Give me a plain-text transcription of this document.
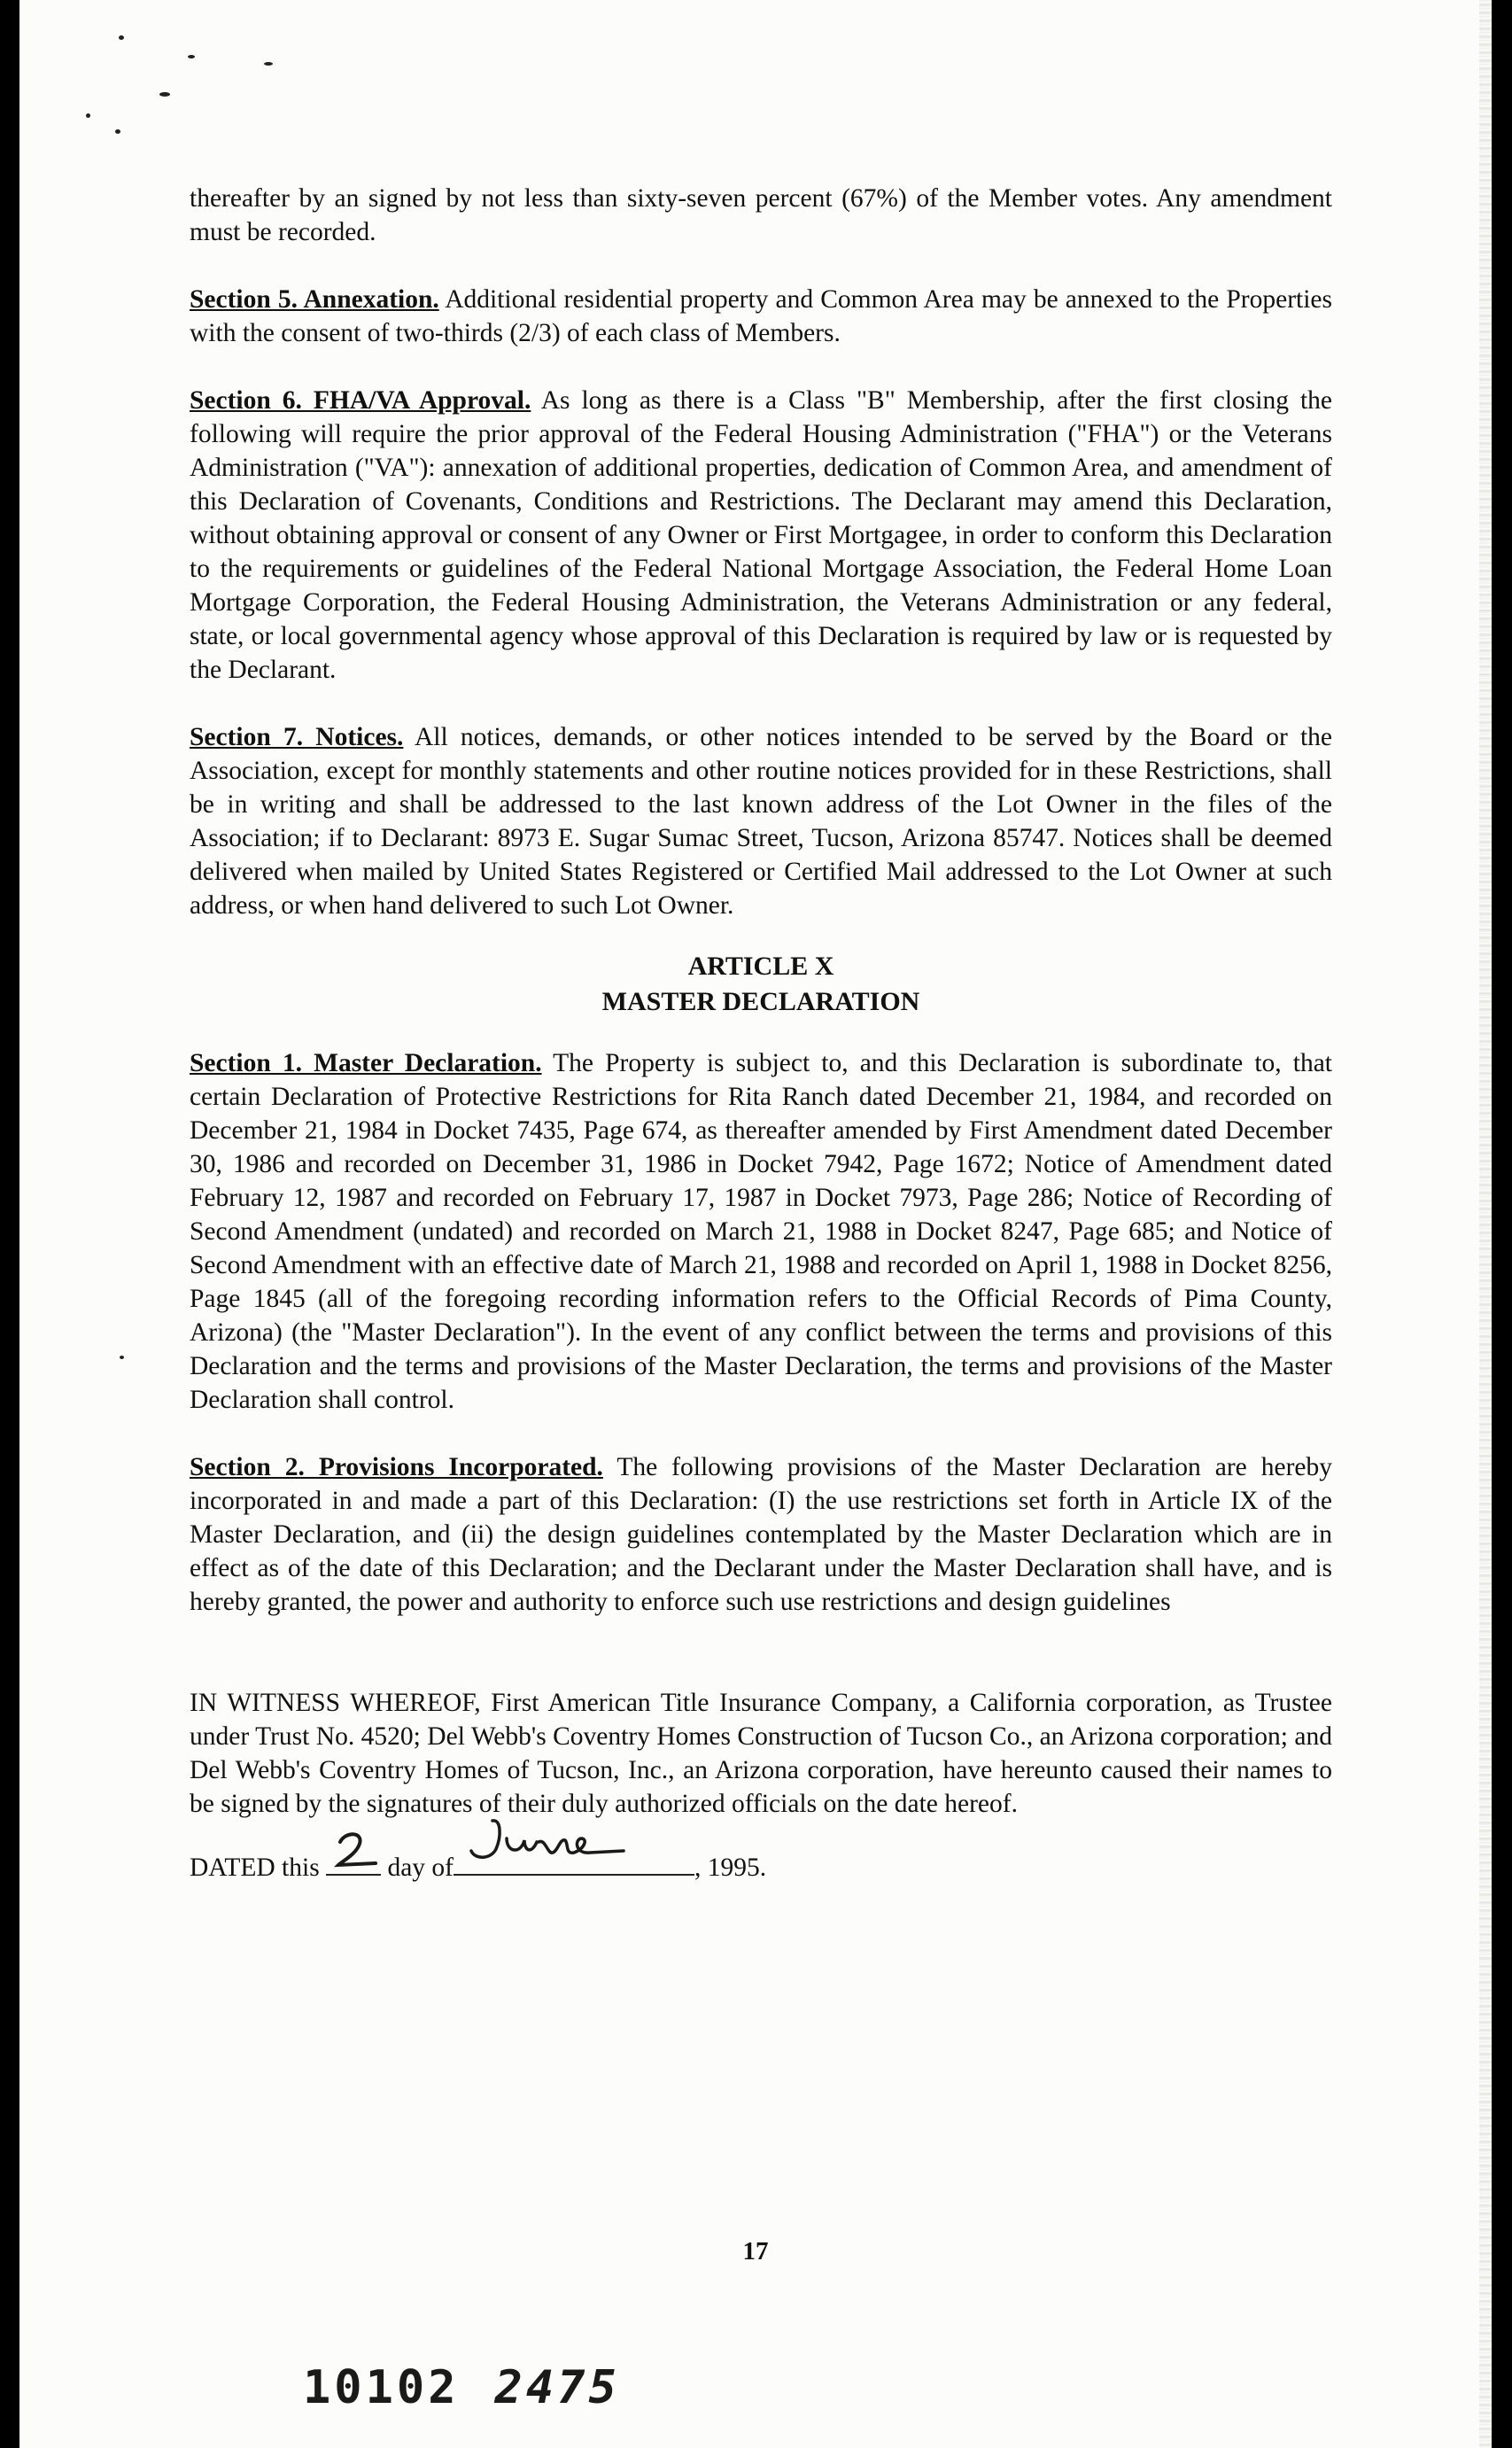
thereafter by an signed by not less than sixty-seven percent (67%) of the Member votes. Any amendment must be recorded.

Section 5. Annexation. Additional residential property and Common Area may be annexed to the Properties with the consent of two-thirds (2/3) of each class of Members.

Section 6. FHA/VA Approval. As long as there is a Class "B" Membership, after the first closing the following will require the prior approval of the Federal Housing Administration ("FHA") or the Veterans Administration ("VA"): annexation of additional properties, dedication of Common Area, and amendment of this Declaration of Covenants, Conditions and Restrictions. The Declarant may amend this Declaration, without obtaining approval or consent of any Owner or First Mortgagee, in order to conform this Declaration to the requirements or guidelines of the Federal National Mortgage Association, the Federal Home Loan Mortgage Corporation, the Federal Housing Administration, the Veterans Administration or any federal, state, or local governmental agency whose approval of this Declaration is required by law or is requested by the Declarant.

Section 7. Notices. All notices, demands, or other notices intended to be served by the Board or the Association, except for monthly statements and other routine notices provided for in these Restrictions, shall be in writing and shall be addressed to the last known address of the Lot Owner in the files of the Association; if to Declarant: 8973 E. Sugar Sumac Street, Tucson, Arizona 85747. Notices shall be deemed delivered when mailed by United States Registered or Certified Mail addressed to the Lot Owner at such address, or when hand delivered to such Lot Owner.

ARTICLE X

MASTER DECLARATION

Section 1. Master Declaration. The Property is subject to, and this Declaration is subordinate to, that certain Declaration of Protective Restrictions for Rita Ranch dated December 21, 1984, and recorded on December 21, 1984 in Docket 7435, Page 674, as thereafter amended by First Amendment dated December 30, 1986 and recorded on December 31, 1986 in Docket 7942, Page 1672; Notice of Amendment dated February 12, 1987 and recorded on February 17, 1987 in Docket 7973, Page 286; Notice of Recording of Second Amendment (undated) and recorded on March 21, 1988 in Docket 8247, Page 685; and Notice of Second Amendment with an effective date of March 21, 1988 and recorded on April 1, 1988 in Docket 8256, Page 1845 (all of the foregoing recording information refers to the Official Records of Pima County, Arizona) (the "Master Declaration"). In the event of any conflict between the terms and provisions of this Declaration and the terms and provisions of the Master Declaration, the terms and provisions of the Master Declaration shall control.

Section 2. Provisions Incorporated. The following provisions of the Master Declaration are hereby incorporated in and made a part of this Declaration: (I) the use restrictions set forth in Article IX of the Master Declaration, and (ii) the design guidelines contemplated by the Master Declaration which are in effect as of the date of this Declaration; and the Declarant under the Master Declaration shall have, and is hereby granted, the power and authority to enforce such use restrictions and design guidelines

IN WITNESS WHEREOF, First American Title Insurance Company, a California corporation, as Trustee under Trust No. 4520; Del Webb's Coventry Homes Construction of Tucson Co., an Arizona corporation; and Del Webb's Coventry Homes of Tucson, Inc., an Arizona corporation, have hereunto caused their names to be signed by the signatures of their duly authorized officials on the date hereof.

DATED this	day of	, 1995.
17
10102 2475
